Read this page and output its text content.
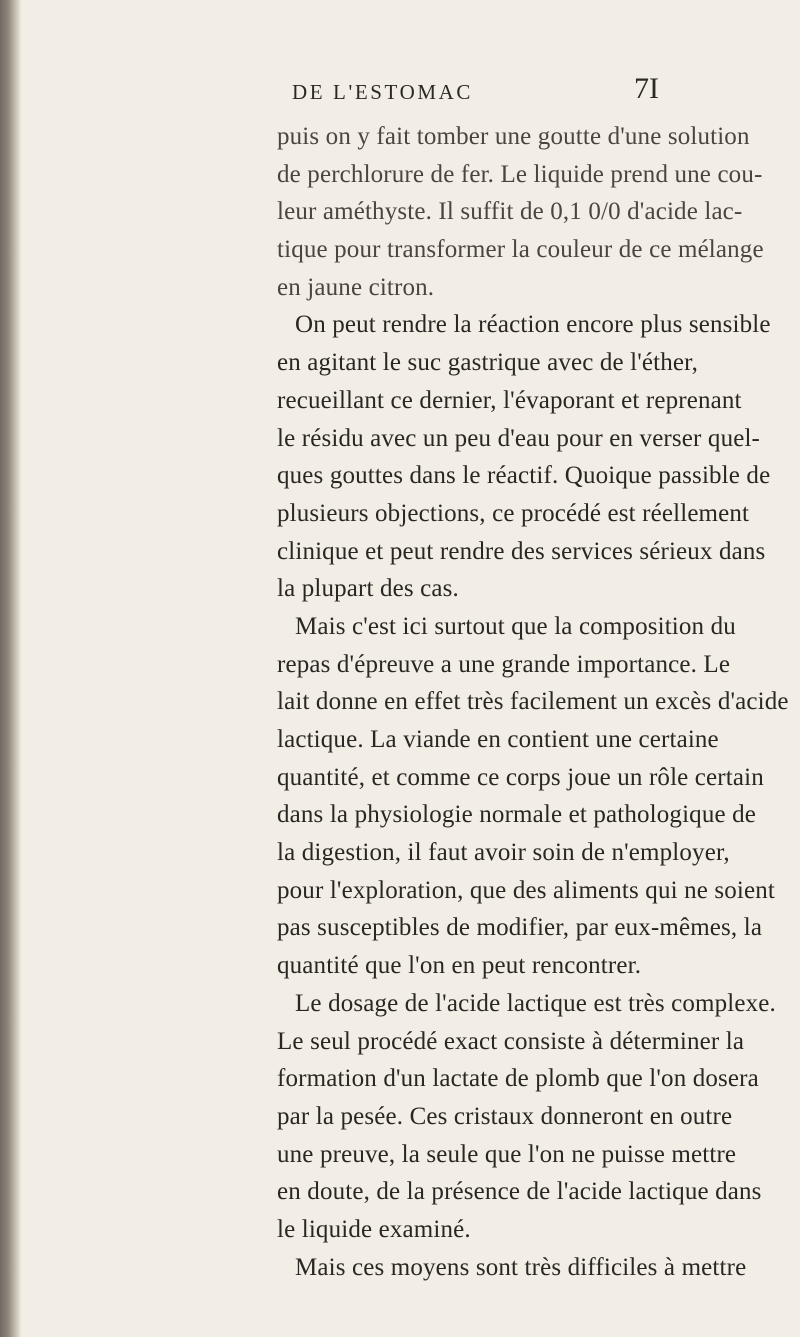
DE L'ESTOMAC	7I
puis on y fait tomber une goutte d'une solution
de perchlorure de fer. Le liquide prend une cou-
leur améthyste. Il suffit de 0,1 0/0 d'acide lac-
tique pour transformer la couleur de ce mélange
en jaune citron.
On peut rendre la réaction encore plus sensible
en agitant le suc gastrique avec de l'éther,
recueillant ce dernier, l'évaporant et reprenant
le résidu avec un peu d'eau pour en verser quel-
ques gouttes dans le réactif. Quoique passible de
plusieurs objections, ce procédé est réellement
clinique et peut rendre des services sérieux dans
la plupart des cas.
Mais c'est ici surtout que la composition du
repas d'épreuve a une grande importance. Le
lait donne en effet très facilement un excès d'acide
lactique. La viande en contient une certaine
quantité, et comme ce corps joue un rôle certain
dans la physiologie normale et pathologique de
la digestion, il faut avoir soin de n'employer,
pour l'exploration, que des aliments qui ne soient
pas susceptibles de modifier, par eux-mêmes, la
quantité que l'on en peut rencontrer.
Le dosage de l'acide lactique est très complexe.
Le seul procédé exact consiste à déterminer la
formation d'un lactate de plomb que l'on dosera
par la pesée. Ces cristaux donneront en outre
une preuve, la seule que l'on ne puisse mettre
en doute, de la présence de l'acide lactique dans
le liquide examiné.
Mais ces moyens sont très difficiles à mettre
